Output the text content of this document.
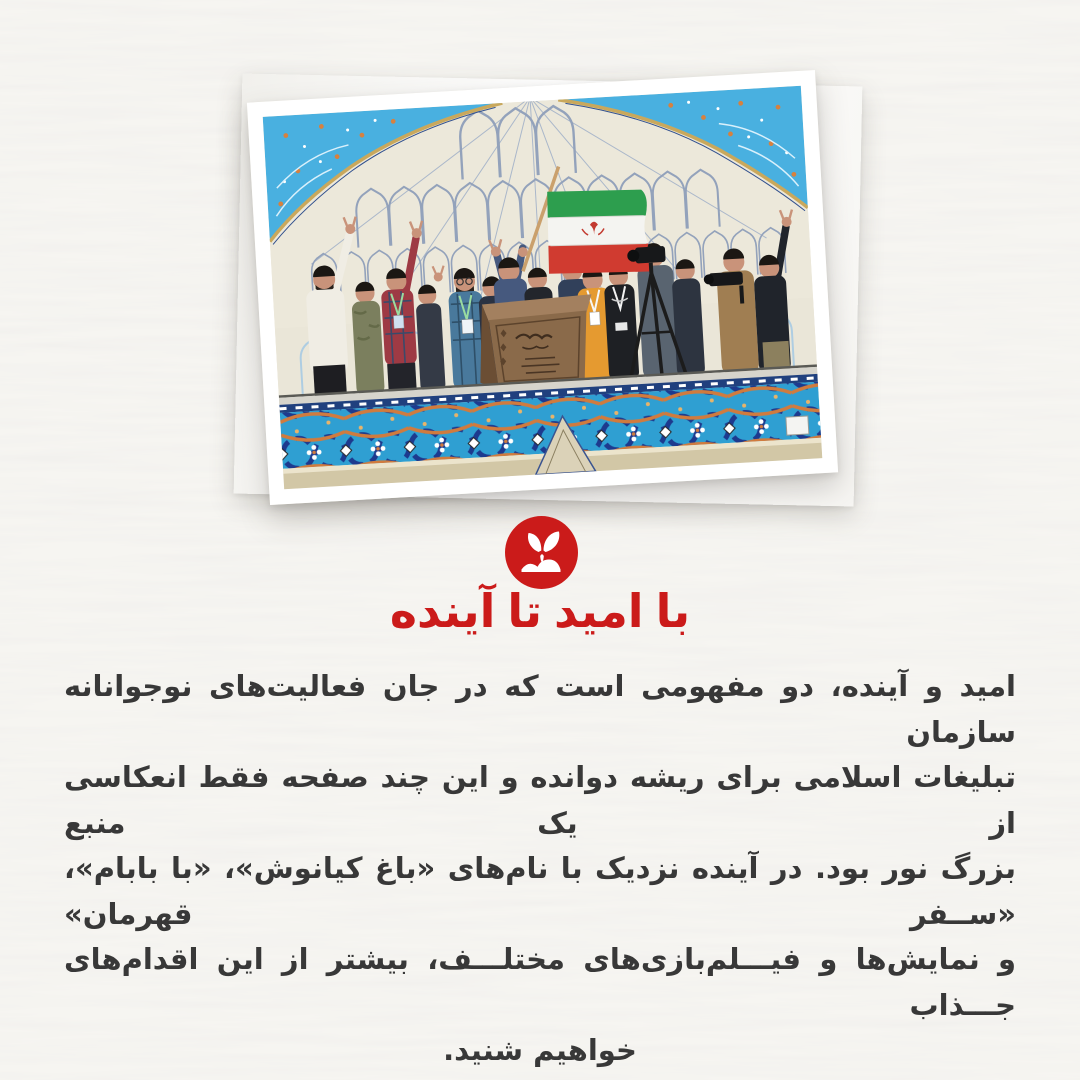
با امید تا آینده
امید و آینده، دو مفهومی است که در جان فعالیت‌های نوجوانانه سازمان
تبلیغات اسلامی برای ریشه دوانده و این چند صفحه فقط انعکاسی از یک منبع
بزرگ نور بود. در آینده نزدیک با نام‌های «باغ کیانوش»، «با بابام»، «ســفر قهرمان»
و نمایش‌ها و فیـــلم‌بازی‌های مختلـــف، بیشتر از این اقدام‌های جـــذاب
خواهیم شنید.
